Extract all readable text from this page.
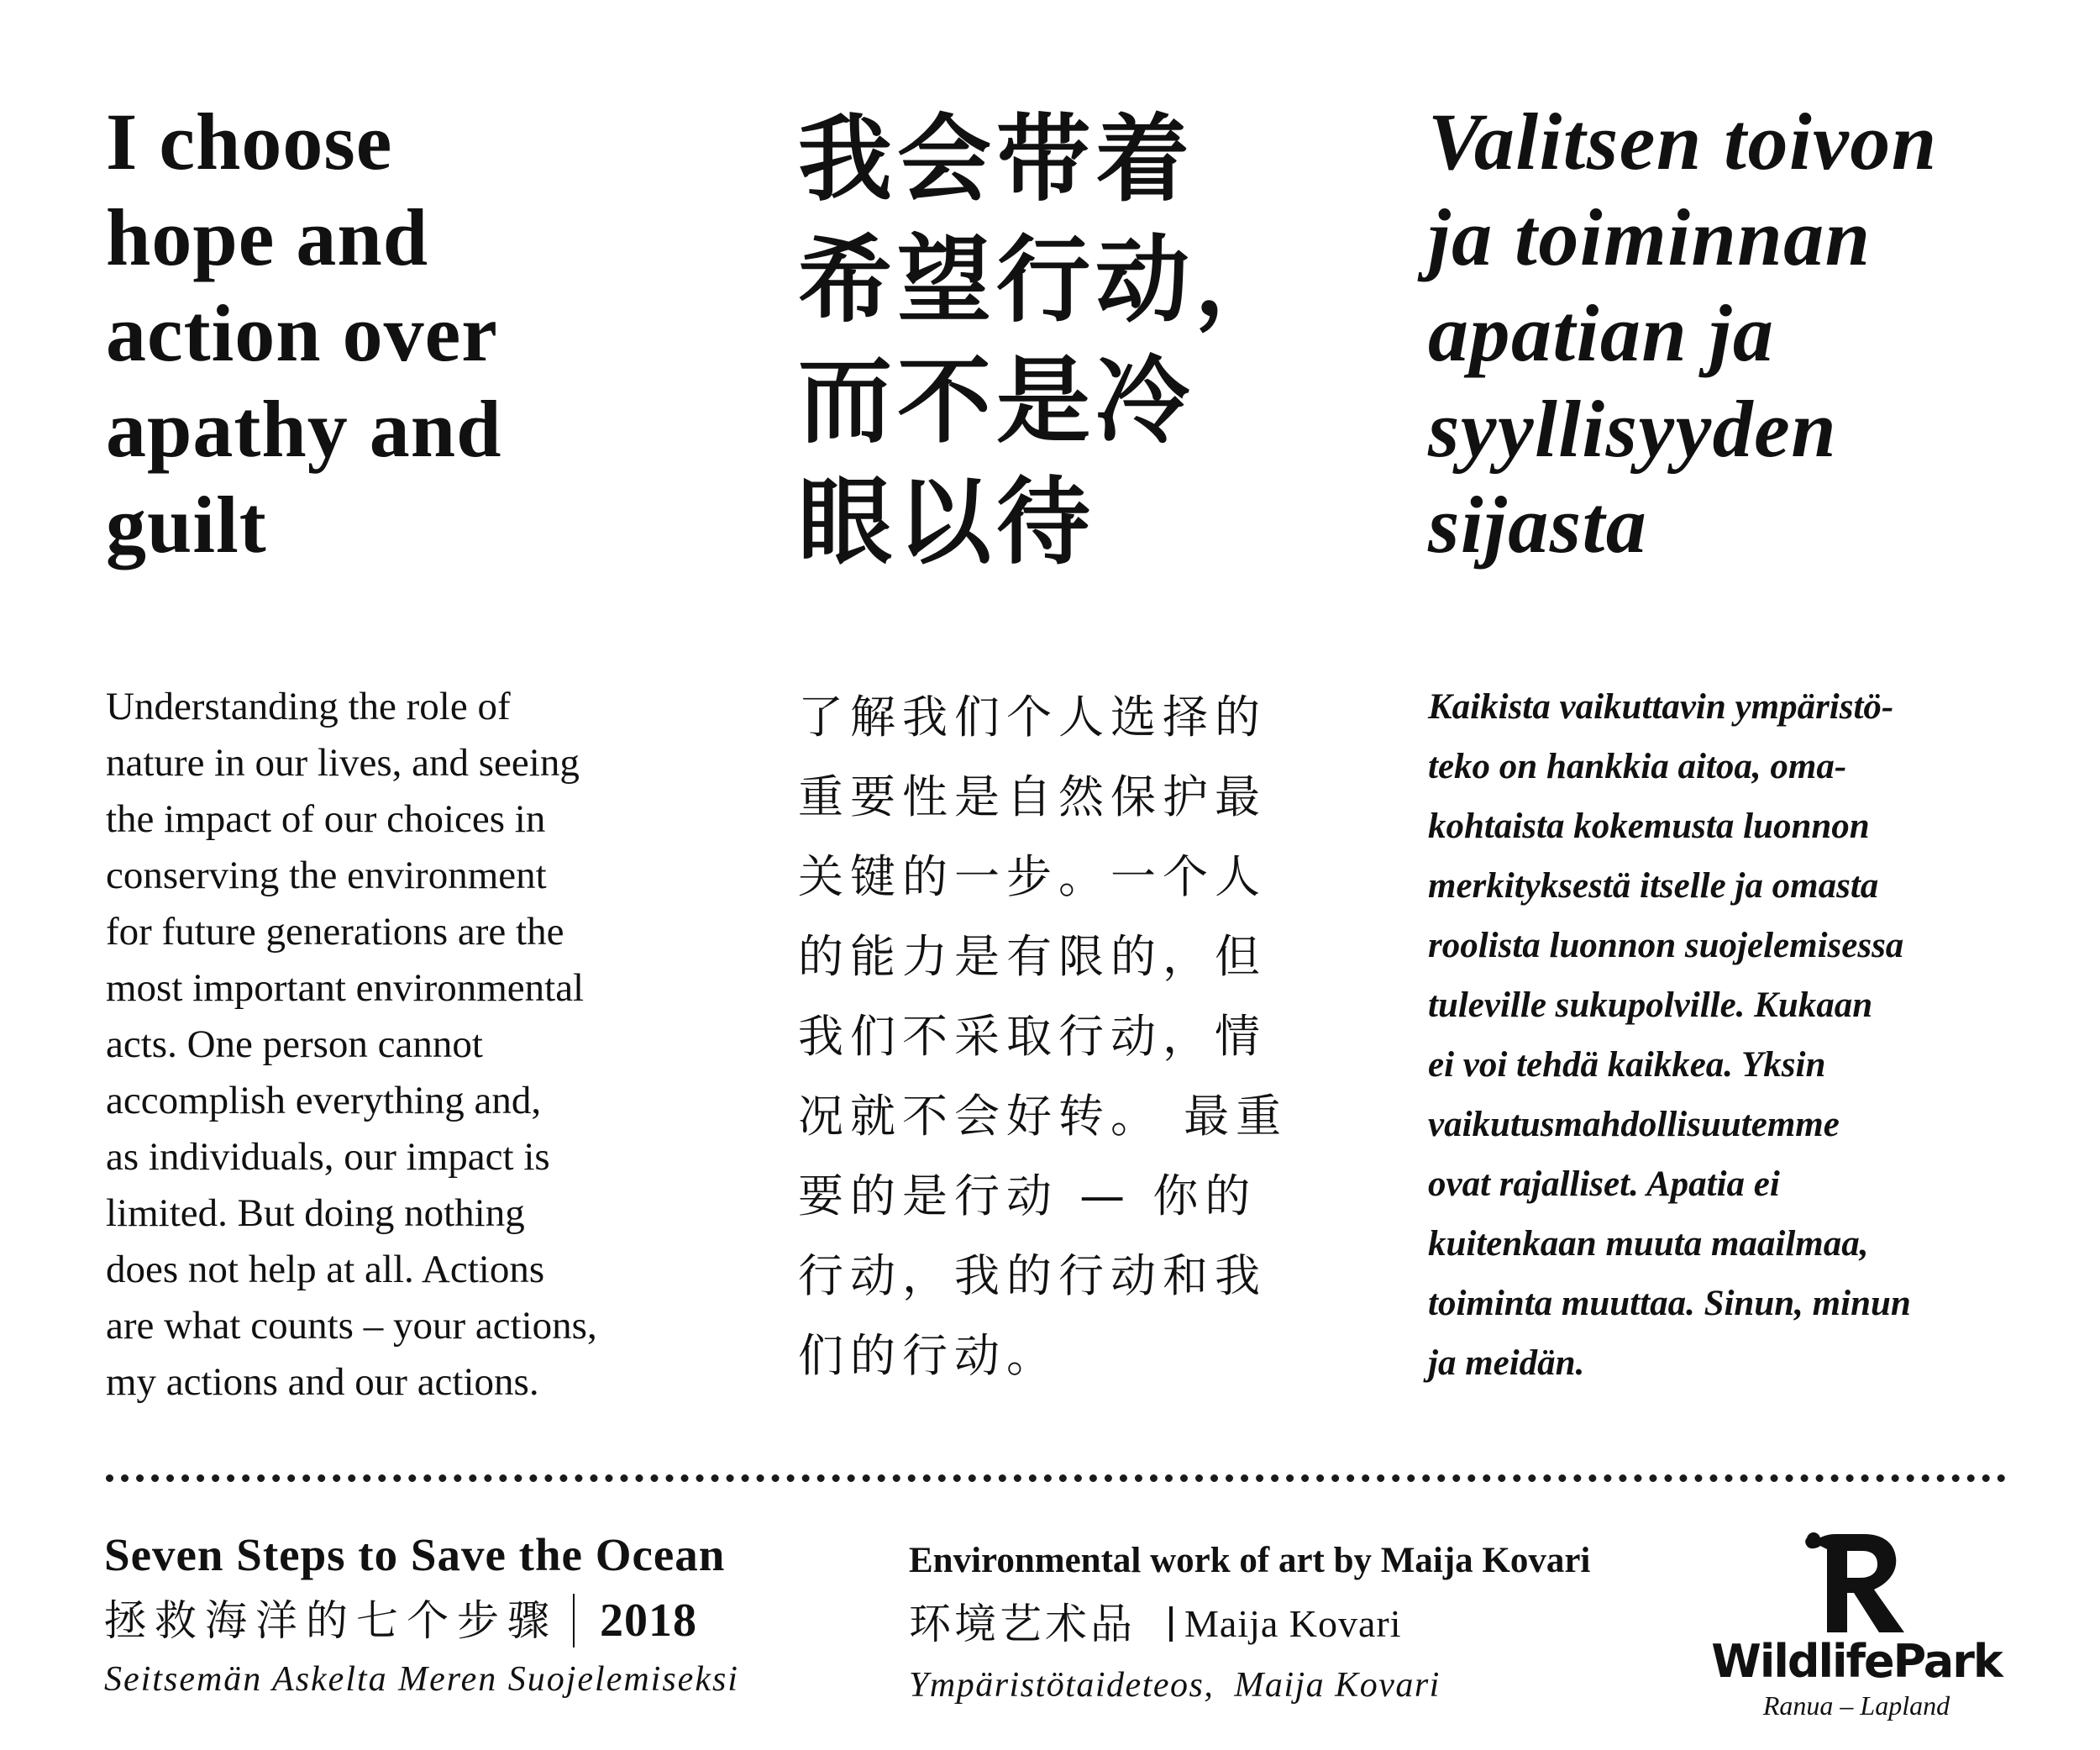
I choose
hope and
action over
apathy and
guilt

Understanding the role of
nature in our lives, and seeing
the impact of our choices in
conserving the environment
for future generations are the
most important environmental
acts. One person cannot
accomplish everything and,
as individuals, our impact is
limited. But doing nothing
does not help at all. Actions
are what counts – your actions,
my actions and our actions.

我会带着
希望行动，
而不是冷
眼以待

了解我们个人选择的
重要性是自然保护最
关键的一步。一个人
的能力是有限的，但
我们不采取行动，情
况就不会好转。 最重
要的是行动 — 你的
行动，我的行动和我
们的行动。

Valitsen toivon
ja toiminnan
apatian ja
syyllisyyden
sijasta

Kaikista vaikuttavin ympäristö-
teko on hankkia aitoa, oma-
kohtaista kokemusta luonnon
merkityksestä itselle ja omasta
roolista luonnon suojelemisessa
tuleville sukupolville. Kukaan
ei voi tehdä kaikkea. Yksin
vaikutusmahdollisuutemme
ovat rajalliset. Apatia ei
kuitenkaan muuta maailmaa,
toiminta muuttaa. Sinun, minun
ja meidän.

Seven Steps to Save the Ocean
拯救海洋的七个步骤 2018
Seitsemän Askelta Meren Suojelemiseksi
Environmental work of art by Maija Kovari
环境艺术品 Maija Kovari
Ympäristötaideteos,  Maija Kovari	WildlifePark
Ranua – Lapland
